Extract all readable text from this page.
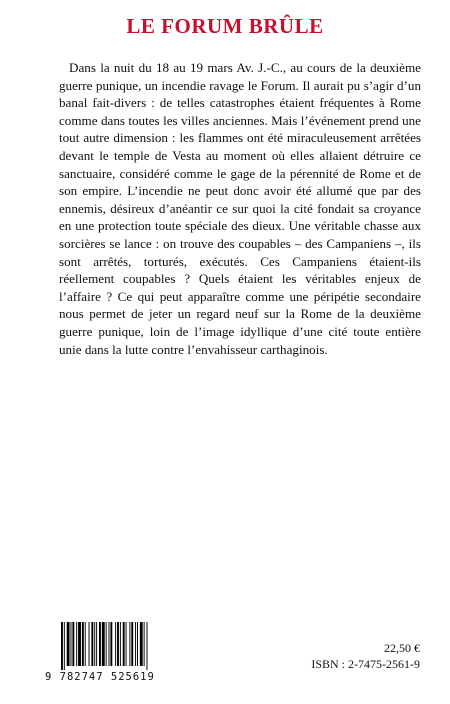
LE FORUM BRÛLE

Dans la nuit du 18 au 19 mars Av. J.-C., au cours de la deuxième guerre punique, un incendie ravage le Forum. Il aurait pu s’agir d’un banal fait-divers : de telles catastrophes étaient fréquentes à Rome comme dans toutes les villes anciennes. Mais l’événement prend une tout autre dimension : les flammes ont été miraculeusement arrêtées devant le temple de Vesta au moment où elles allaient détruire ce sanctuaire, considéré comme le gage de la pérennité de Rome et de son empire. L’incendie ne peut donc avoir été allumé que par des ennemis, désireux d’anéantir ce sur quoi la cité fondait sa croyance en une protection toute spéciale des dieux. Une véritable chasse aux sorcières se lance : on trouve des coupables – des Campaniens –, ils sont arrêtés, torturés, exécutés. Ces Campaniens étaient-ils réellement coupables ? Quels étaient les véritables enjeux de l’affaire ? Ce qui peut apparaître comme une péripétie secondaire nous permet de jeter un regard neuf sur la Rome de la deuxième guerre punique, loin de l’image idyllique d’une cité toute entière unie dans la lutte contre l’envahisseur carthaginois.

9 782747 525619
22,50 €
ISBN : 2-7475-2561-9
